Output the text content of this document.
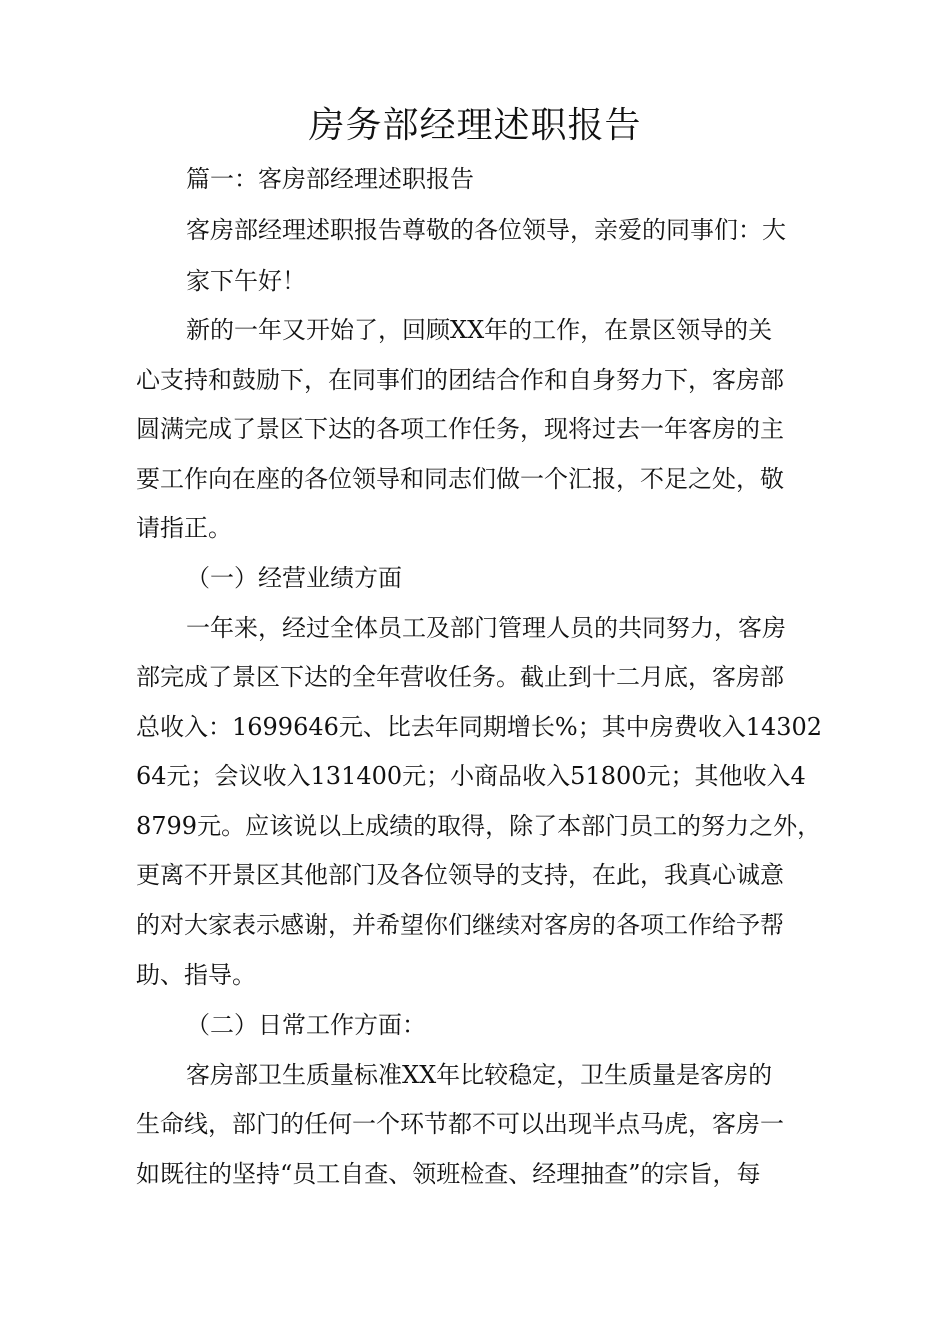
房务部经理述职报告

篇一：客房部经理述职报告

客房部经理述职报告尊敬的各位领导，亲爱的同事们：大

家下午好！

新的一年又开始了，回顾XX年的工作，在景区领导的关

心支持和鼓励下，在同事们的团结合作和自身努力下，客房部

圆满完成了景区下达的各项工作任务，现将过去一年客房的主

要工作向在座的各位领导和同志们做一个汇报，不足之处，敬

请指正。

（一）经营业绩方面

一年来，经过全体员工及部门管理人员的共同努力，客房

部完成了景区下达的全年营收任务。截止到十二月底，客房部

总收入：1699646元、比去年同期增长%；其中房费收入14302

64元；会议收入131400元；小商品收入51800元；其他收入4

8799元。应该说以上成绩的取得，除了本部门员工的努力之外，

更离不开景区其他部门及各位领导的支持，在此，我真心诚意

的对大家表示感谢，并希望你们继续对客房的各项工作给予帮

助、指导。

（二）日常工作方面：

客房部卫生质量标准XX年比较稳定，卫生质量是客房的

生命线，部门的任何一个环节都不可以出现半点马虎，客房一

如既往的坚持“员工自查、领班检查、经理抽查”的宗旨，每
